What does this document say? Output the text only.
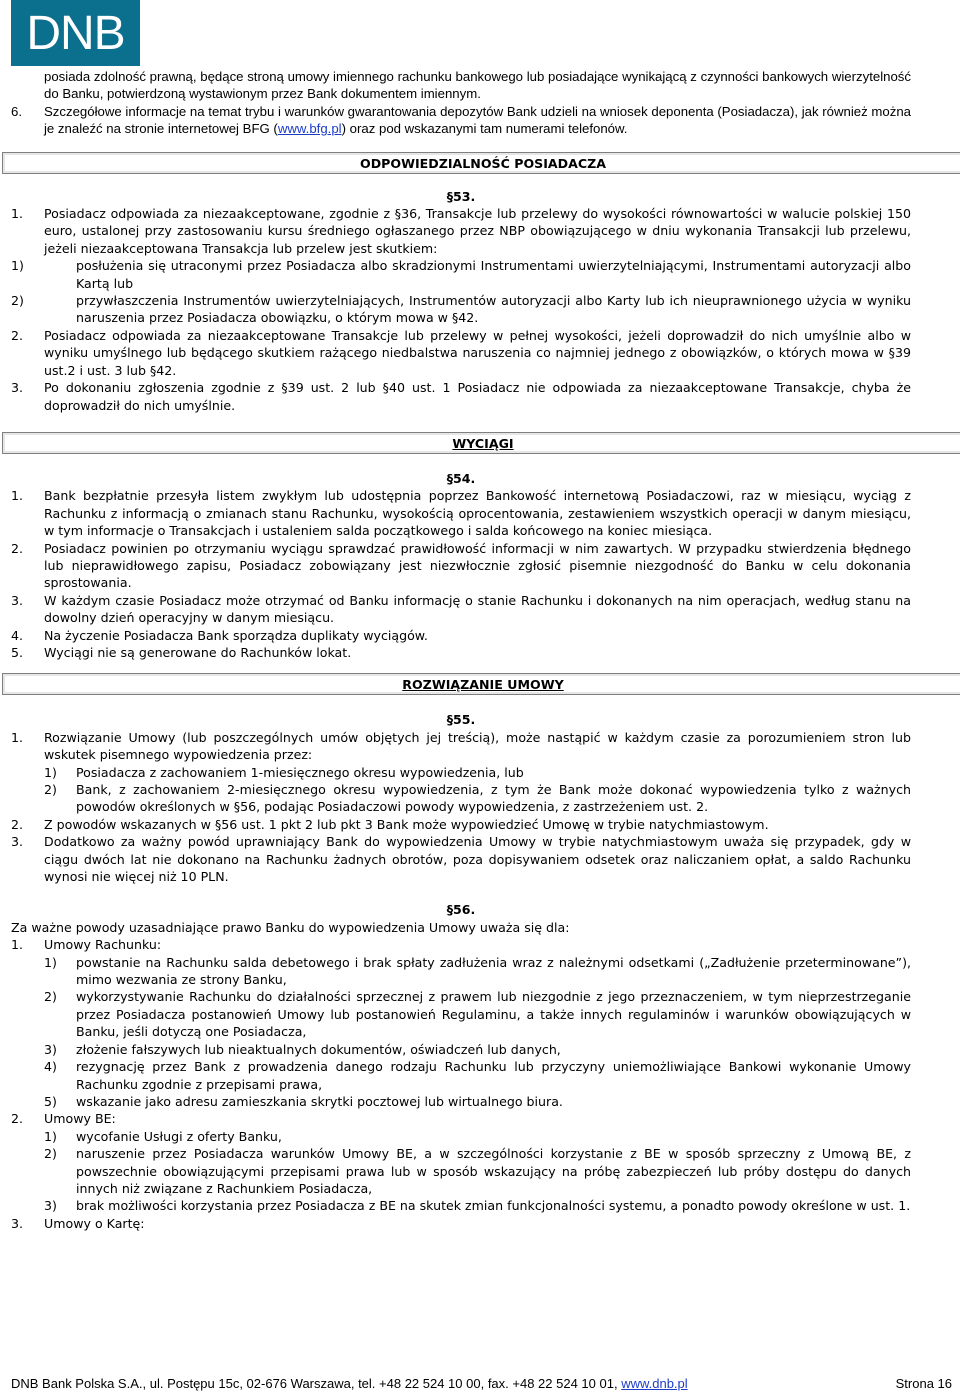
DNB

posiada zdolność prawną, będące stroną umowy imiennego rachunku bankowego lub posiadające wynikającą z czynności bankowych wierzytelność do Banku, potwierdzoną wystawionym przez Bank dokumentem imiennym.

6. Szczegółowe informacje na temat trybu i warunków gwarantowania depozytów Bank udzieli na wniosek deponenta (Posiadacza), jak również można je znaleźć na stronie internetowej BFG (www.bfg.pl) oraz pod wskazanymi tam numerami telefonów.

ODPOWIEDZIALNOŚĆ POSIADACZA
§53.

1. Posiadacz odpowiada za niezaakceptowane, zgodnie z §36, Transakcje lub przelewy do wysokości równowartości w walucie polskiej 150 euro, ustalonej przy zastosowaniu kursu średniego ogłaszanego przez NBP obowiązującego w dniu wykonania Transakcji lub przelewu, jeżeli niezaakceptowana Transakcja lub przelew jest skutkiem:

1)	posłużenia się utraconymi przez Posiadacza albo skradzionymi Instrumentami uwierzytelniającymi, Instrumentami autoryzacji albo Kartą lub

2)	przywłaszczenia Instrumentów uwierzytelniających, Instrumentów autoryzacji albo Karty lub ich nieuprawnionego użycia w wyniku naruszenia przez Posiadacza obowiązku, o którym mowa w §42.

2. Posiadacz odpowiada za niezaakceptowane Transakcje lub przelewy w pełnej wysokości, jeżeli doprowadził do nich umyślnie albo w wyniku umyślnego lub będącego skutkiem rażącego niedbalstwa naruszenia co najmniej jednego z obowiązków, o których mowa w §39 ust.2 i ust. 3 lub §42.

3. Po dokonaniu zgłoszenia zgodnie z §39 ust. 2 lub §40 ust. 1 Posiadacz nie odpowiada za niezaakceptowane Transakcje, chyba że doprowadził do nich umyślnie.

WYCIĄGI
§54.

1. Bank bezpłatnie przesyła listem zwykłym lub udostępnia poprzez Bankowość internetową Posiadaczowi, raz w miesiącu, wyciąg z Rachunku z informacją o zmianach stanu Rachunku, wysokością oprocentowania, zestawieniem wszystkich operacji w danym miesiącu, w tym informacje o Transakcjach i ustaleniem salda początkowego i salda końcowego na koniec miesiąca.

2. Posiadacz powinien po otrzymaniu wyciągu sprawdzać prawidłowość informacji w nim zawartych. W przypadku stwierdzenia błędnego lub nieprawidłowego zapisu, Posiadacz zobowiązany jest niezwłocznie zgłosić pisemnie niezgodność do Banku w celu dokonania sprostowania.

3. W każdym czasie Posiadacz może otrzymać od Banku informację o stanie Rachunku i dokonanych na nim operacjach, według stanu na dowolny dzień operacyjny w danym miesiącu.

4. Na życzenie Posiadacza Bank sporządza duplikaty wyciągów.

5. Wyciągi nie są generowane do Rachunków lokat.

ROZWIĄZANIE UMOWY
§55.

1. Rozwiązanie Umowy (lub poszczególnych umów objętych jej treścią), może nastąpić w każdym czasie za porozumieniem stron lub wskutek pisemnego wypowiedzenia przez:

1) Posiadacza z zachowaniem 1-miesięcznego okresu wypowiedzenia, lub

2) Bank, z zachowaniem 2-miesięcznego okresu wypowiedzenia, z tym że Bank może dokonać wypowiedzenia tylko z ważnych powodów określonych w §56, podając Posiadaczowi powody wypowiedzenia, z zastrzeżeniem ust. 2.

2. Z powodów wskazanych w §56 ust. 1 pkt 2 lub pkt 3 Bank może wypowiedzieć Umowę w trybie natychmiastowym.

3. Dodatkowo za ważny powód uprawniający Bank do wypowiedzenia Umowy w trybie natychmiastowym uważa się przypadek, gdy w ciągu dwóch lat nie dokonano na Rachunku żadnych obrotów, poza dopisywaniem odsetek oraz naliczaniem opłat, a saldo Rachunku wynosi nie więcej niż 10 PLN.

§56.

Za ważne powody uzasadniające prawo Banku do wypowiedzenia Umowy uważa się dla:

1. Umowy Rachunku:

1) powstanie na Rachunku salda debetowego i brak spłaty zadłużenia wraz z należnymi odsetkami („Zadłużenie przeterminowane”), mimo wezwania ze strony Banku,

2) wykorzystywanie Rachunku do działalności sprzecznej z prawem lub niezgodnie z jego przeznaczeniem, w tym nieprzestrzeganie przez Posiadacza postanowień Umowy lub postanowień Regulaminu, a także innych regulaminów i warunków obowiązujących w Banku, jeśli dotyczą one Posiadacza,

3) złożenie fałszywych lub nieaktualnych dokumentów, oświadczeń lub danych,

4) rezygnację przez Bank z prowadzenia danego rodzaju Rachunku lub przyczyny uniemożliwiające Bankowi wykonanie Umowy Rachunku zgodnie z przepisami prawa,

5) wskazanie jako adresu zamieszkania skrytki pocztowej lub wirtualnego biura.

2. Umowy BE:

1) wycofanie Usługi z oferty Banku,

2) naruszenie przez Posiadacza warunków Umowy BE, a w szczególności korzystanie z BE w sposób sprzeczny z Umową BE, z powszechnie obowiązującymi przepisami prawa lub w sposób wskazujący na próbę zabezpieczeń lub próby dostępu do danych innych niż związane z Rachunkiem Posiadacza,

3) brak możliwości korzystania przez Posiadacza z BE na skutek zmian funkcjonalności systemu, a ponadto powody określone w ust. 1.

3. Umowy o Kartę:

DNB Bank Polska S.A., ul. Postępu 15c, 02-676 Warszawa, tel. +48 22 524 10 00, fax. +48 22 524 10 01, www.dnb.pl	Strona 16
